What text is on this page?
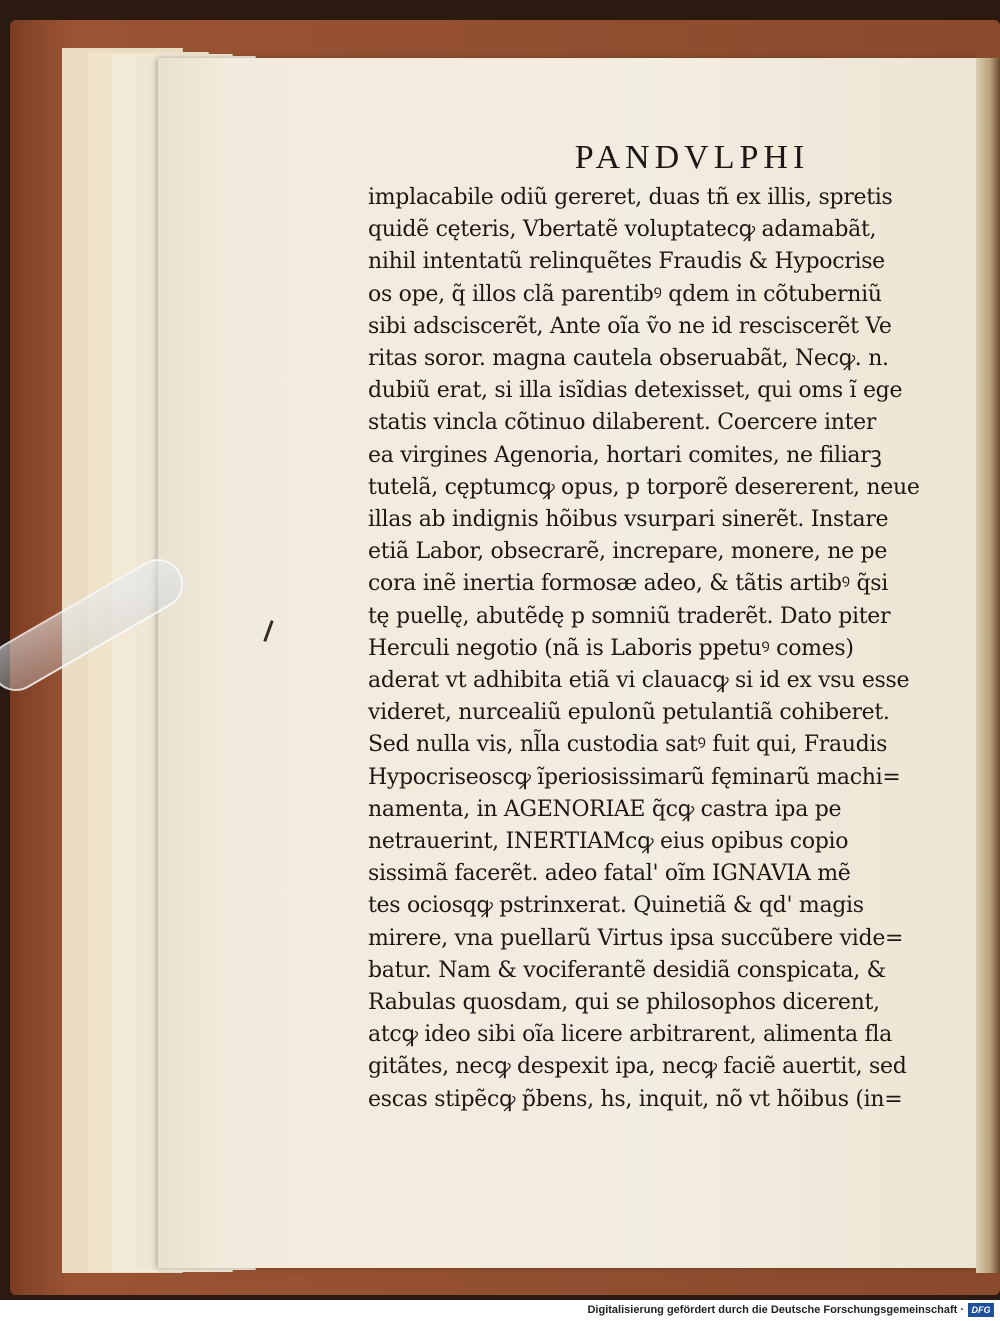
PANDVLPHI
implacabile odiũ gereret, duas tñ ex illis, spretis
quidẽ cęteris, Vbertatẽ voluptatecꝙ adamabãt,
nihil intentatũ relinquẽtes Fraudis & Hypocrise
os ope, q̃ illos clã parentibꝰ qdem in cõtuberniũ
sibi adsciscerẽt, Ante oĩa ṽo ne id resciscerẽt Ve
ritas soror. magna cautela obseruabãt, Necꝙ. n.
dubiũ erat, si illa isĩdias detexisset, qui oms ĩ ege
statis vincla cõtinuo dilaberent. Coercere inter
ea virgines Agenoria, hortari comites, ne filiarꝫ
tutelã, cęptumcꝙ opus, p torporẽ desererent, neue
illas ab indignis hõibus vsurpari sinerẽt. Instare
etiã Labor, obsecrarẽ, increpare, monere, ne pe
cora inẽ inertia formosæ adeo, & tãtis artibꝰ q̃si
tę puellę, abutẽdę p somniũ traderẽt. Dato piter
Herculi negotio (nã is Laboris ppetuꝰ comes)
aderat vt adhibita etiã vi clauacꝙ si id ex vsu esse
videret, nurcealiũ epulonũ petulantiã cohiberet.
Sed nulla vis, nl̃la custodia satꝰ fuit qui, Fraudis
Hypocriseoscꝙ ĩperiosissimarũ fęminarũ machi=
namenta, in AGENORIAE q̃cꝙ castra ipa pe
netrauerint, INERTIAMcꝙ eius opibus copio
sissimã facerẽt. adeo fatal' oĩm IGNAVIA mẽ
tes ociosqꝙ pstrinxerat. Quinetiã & qd' magis
mirere, vna puellarũ Virtus ipsa succũbere vide=
batur. Nam & vociferantẽ desidiã conspicata, &
Rabulas quosdam, qui se philosophos dicerent,
atcꝙ ideo sibi oĩa licere arbitrarent, alimenta fla
gitãtes, necꝙ despexit ipa, necꝙ faciẽ auertit, sed
escas stipẽcꝙ p̃bens, hs, inquit, nõ vt hõibus (in=
Digitalisierung gefördert durch die Deutsche Forschungsgemeinschaft · DFG
